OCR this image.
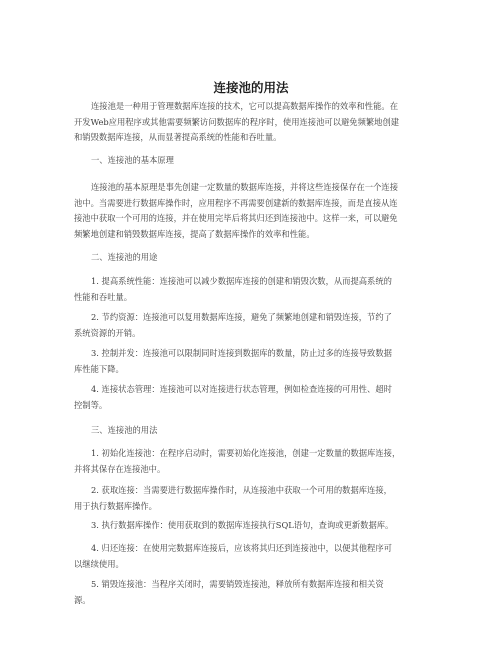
连接池的用法

连接池是一种用于管理数据库连接的技术，它可以提高数据库操作的效率和性能。在
开发Web应用程序或其他需要频繁访问数据库的程序时，使用连接池可以避免频繁地创建
和销毁数据库连接，从而显著提高系统的性能和吞吐量。

一、连接池的基本原理

连接池的基本原理是事先创建一定数量的数据库连接，并将这些连接保存在一个连接
池中。当需要进行数据库操作时，应用程序不再需要创建新的数据库连接，而是直接从连
接池中获取一个可用的连接，并在使用完毕后将其归还到连接池中。这样一来，可以避免
频繁地创建和销毁数据库连接，提高了数据库操作的效率和性能。

二、连接池的用途

1. 提高系统性能：连接池可以减少数据库连接的创建和销毁次数，从而提高系统的
性能和吞吐量。

2. 节约资源：连接池可以复用数据库连接，避免了频繁地创建和销毁连接，节约了
系统资源的开销。

3. 控制并发：连接池可以限制同时连接到数据库的数量，防止过多的连接导致数据
库性能下降。

4. 连接状态管理：连接池可以对连接进行状态管理，例如检查连接的可用性、超时
控制等。

三、连接池的用法

1. 初始化连接池：在程序启动时，需要初始化连接池，创建一定数量的数据库连接，
并将其保存在连接池中。

2. 获取连接：当需要进行数据库操作时，从连接池中获取一个可用的数据库连接，
用于执行数据库操作。

3. 执行数据库操作：使用获取到的数据库连接执行SQL语句，查询或更新数据库。

4. 归还连接：在使用完数据库连接后，应该将其归还到连接池中，以便其他程序可
以继续使用。

5. 销毁连接池：当程序关闭时，需要销毁连接池，释放所有数据库连接和相关资
源。
